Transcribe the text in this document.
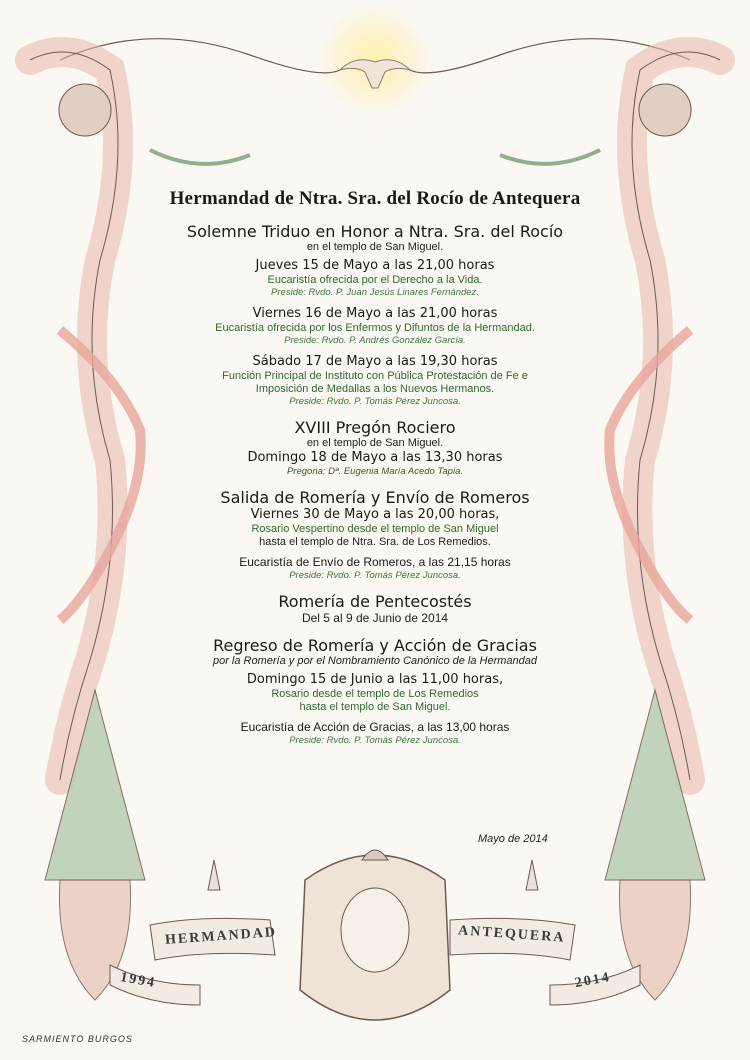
Hermandad de Ntra. Sra. del Rocío de Antequera
Solemne Triduo en Honor a Ntra. Sra. del Rocío
en el templo de San Miguel.
Jueves 15 de Mayo a las 21,00 horas
Eucaristía ofrecida por el Derecho a la Vida.
Preside: Rvdo. P. Juan Jesús Linares Fernández.
Viernes 16 de Mayo a las 21,00 horas
Eucaristía ofrecida por los Enfermos y Difuntos de la Hermandad.
Preside: Rvdo. P. Andrés González García.
Sábado 17 de Mayo a las 19,30 horas
Función Principal de Instituto con Pública Protestación de Fe e
Imposición de Medallas a los Nuevos Hermanos.
Preside: Rvdo. P. Tomás Pérez Juncosa.
XVIII Pregón Rociero
en el templo de San Miguel.
Domingo 18 de Mayo a las 13,30 horas
Pregona: Dª. Eugenia María Acedo Tapia.
Salida de Romería y Envío de Romeros
Viernes 30 de Mayo a las 20,00 horas,
Rosario Vespertino desde el templo de San Miguel
hasta el templo de Ntra. Sra. de Los Remedios.
Eucaristía de Envío de Romeros, a las 21,15 horas
Preside: Rvdo. P. Tomás Pérez Juncosa.
Romería de Pentecostés
Del 5 al 9 de Junio de 2014
Regreso de Romería y Acción de Gracias
por la Romería y por el Nombramiento Canónico de la Hermandad
Domingo 15 de Junio a las 11,00 horas,
Rosario desde el templo de Los Remedios
hasta el templo de San Miguel.
Eucaristía de Acción de Gracias, a las 13,00 horas
Preside: Rvdo. P. Tomás Pérez Juncosa.
Mayo de 2014
HERMANDAD	ANTEQUERA
1994	2014
SARMIENTO BURGOS
